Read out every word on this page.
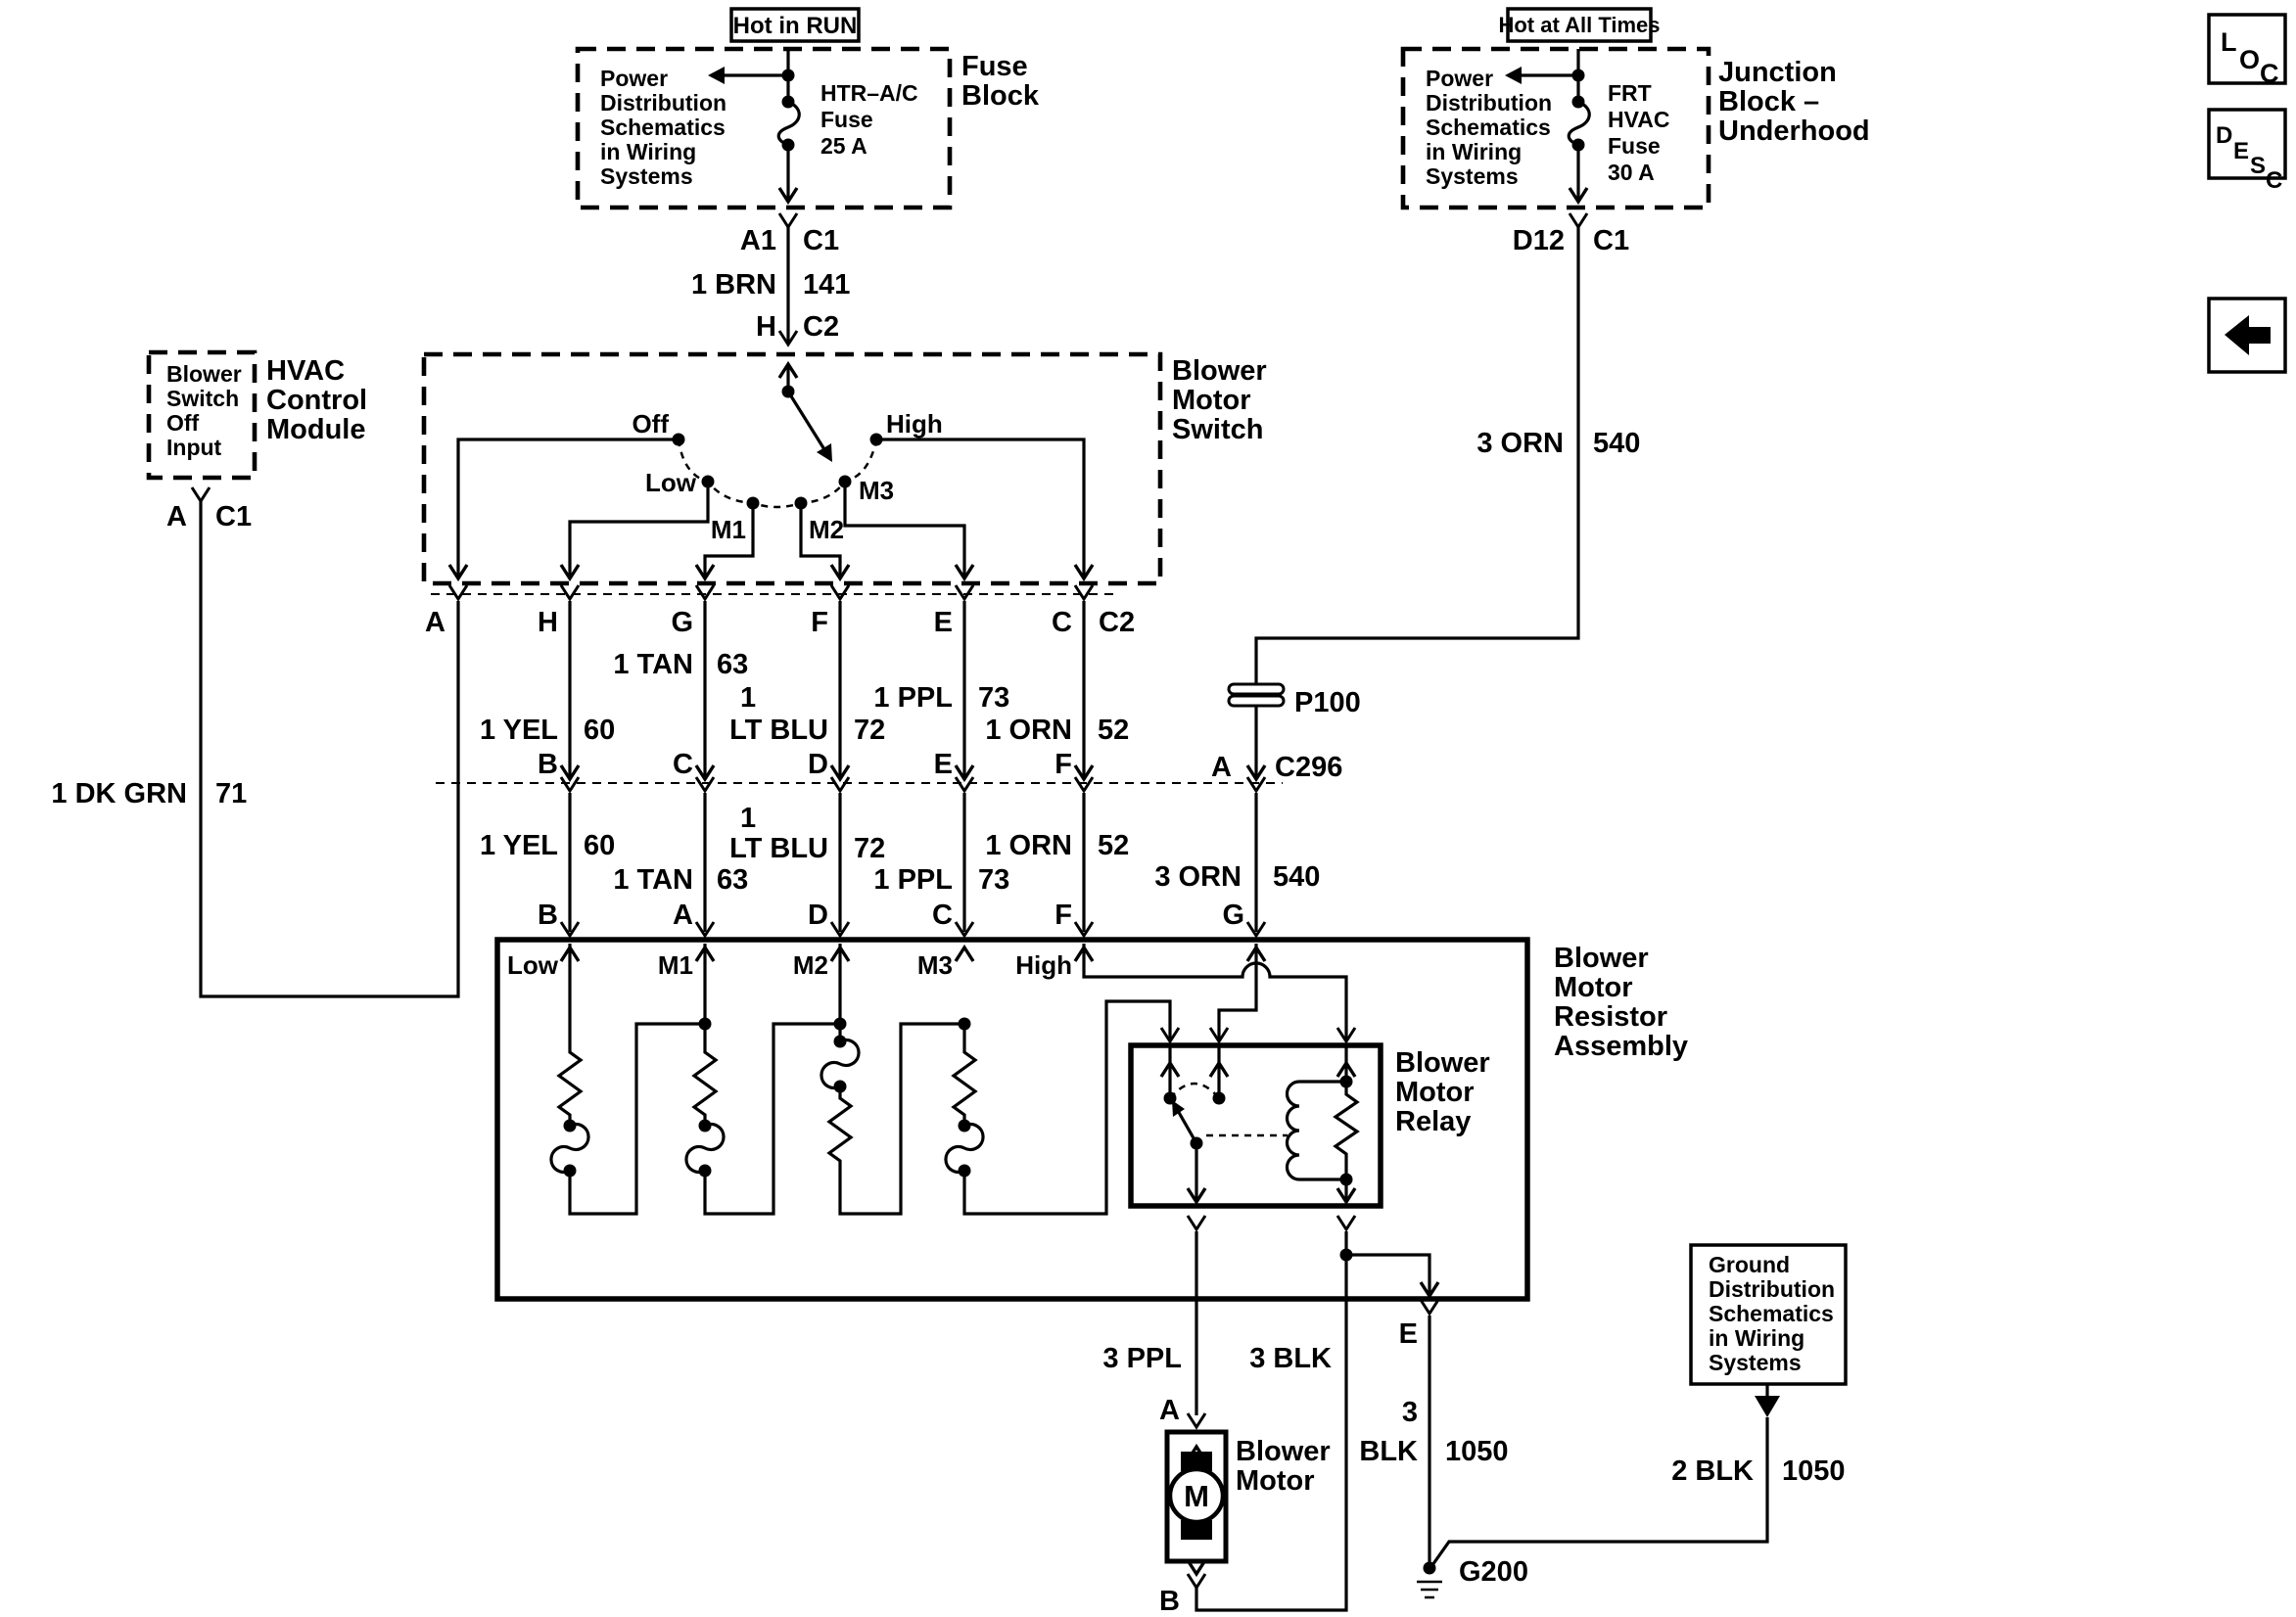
L
O C
D
E
S
C
Hot in RUN
Power
Distribution
Schematics
in Wiring
Systems
HTR–A/C
Fuse
25 A
Fuse
Block
A1 C1
1 BRN 141
H C2
Hot at All Times
Power
Distribution
Schematics
in Wiring
Systems
FRT
HVAC
Fuse
30 A
Junction
Block –
Underhood
D12 C1
3 ORN 540
P100
A C296
3 ORN 540
Blower
Switch
Off
Input
HVAC
Control
Module
A C1
1 DK GRN 71
Blower
Motor
Switch
Off
Low
M1 M2
M3
High
A	H	G	F	E	C C2
1 TAN 63
1
LT BLU 72
1 PPL 73
1 YEL 60	1 ORN 52
B	C	D	E	F
1 YEL 60
1 TAN 63
1
LT BLU 72
1 PPL 73
1 ORN 52
B	A	D	C	F	G
Blower
Motor
Resistor
Assembly
Low	M1	M2	M3 High
Blower
Motor
Relay
3 PPL 3 BLK
E
3
BLK 1050
G200
2 BLK 1050
A
M
B
Blower
Motor
Ground
Distribution
Schematics
in Wiring
Systems
